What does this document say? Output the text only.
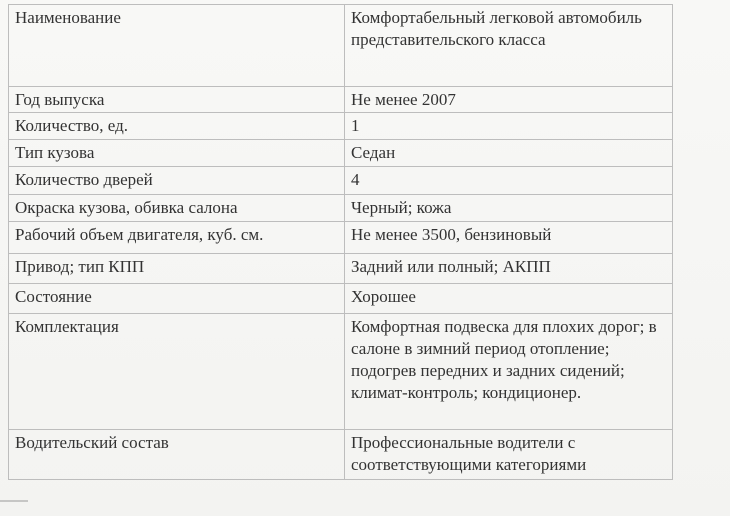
Наименование	Комфортабельный легковой автомобиль представительского класса
Год выпуска	Не менее 2007
Количество, ед.	1
Тип кузова	Седан
Количество дверей	4
Окраска кузова, обивка салона	Черный; кожа
Рабочий объем двигателя, куб. см.	Не менее 3500, бензиновый
Привод; тип КПП	Задний или полный; АКПП
Состояние	Хорошее
Комплектация	Комфортная подвеска для плохих дорог; в салоне в зимний период отопление; подогрев передних и задних сидений; климат-контроль; кондиционер.
Водительский состав	Профессиональные водители с соответствующими категориями
